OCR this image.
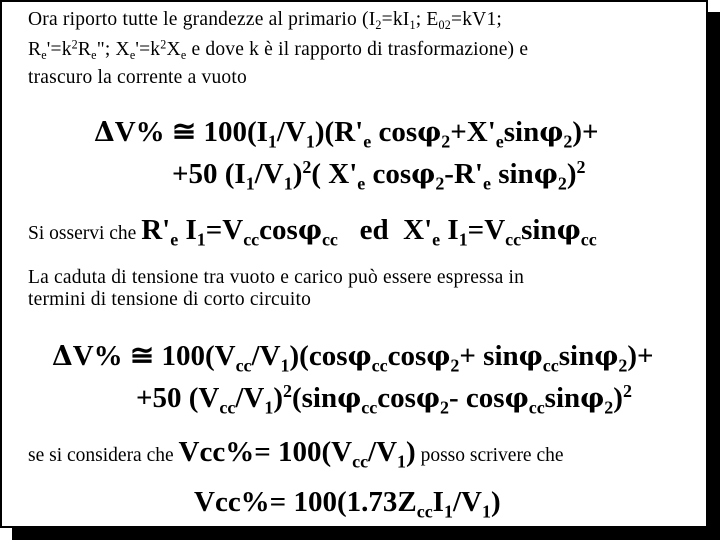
Ora riporto tutte le grandezze al primario ($I_2=kI_1$; $E_{02}=kV1$;
$R_e'=k^2R_e$"; $X_e'=k^2X_e$ e dove k è il rapporto di trasformazione) e
trascuro la corrente a vuoto
ΔV% ≅ $100(I_1/V_1)(R'_e$ $\cos\varphi_2+X'_e\sin\varphi_2)+$
+50 $(I_1/V_1)^2$( $X'_e$ $\cos\varphi_2-R'_e$ sinφ$_2$)$^2$
Si osservi che $R'_e$ $I_1=V_{cc}\cos\varphi_{cc}$   ed  $X'_e$ $I_1=V_{cc}\sin\varphi_{cc}$
La caduta di tensione tra vuoto e carico può essere espressa in
termini di tensione di corto circuito
ΔV% ≅ $100(V_{cc}/V_1)(\cos\varphi_{cc}\cos\varphi_2+ \sin\varphi_{cc}\sin\varphi_2)+$
+50 $(V_{cc}/V_1)^2(\sin\varphi_{cc}\cos\varphi_2-$ cosφ$_{cc}$sinφ$_2$)$^2$
se si considera che $Vcc\%= 100(V_{cc}/V_1)$ posso scrivere che
$Vcc\%= 100(1.73Z_{cc}I_1/V_1)$
